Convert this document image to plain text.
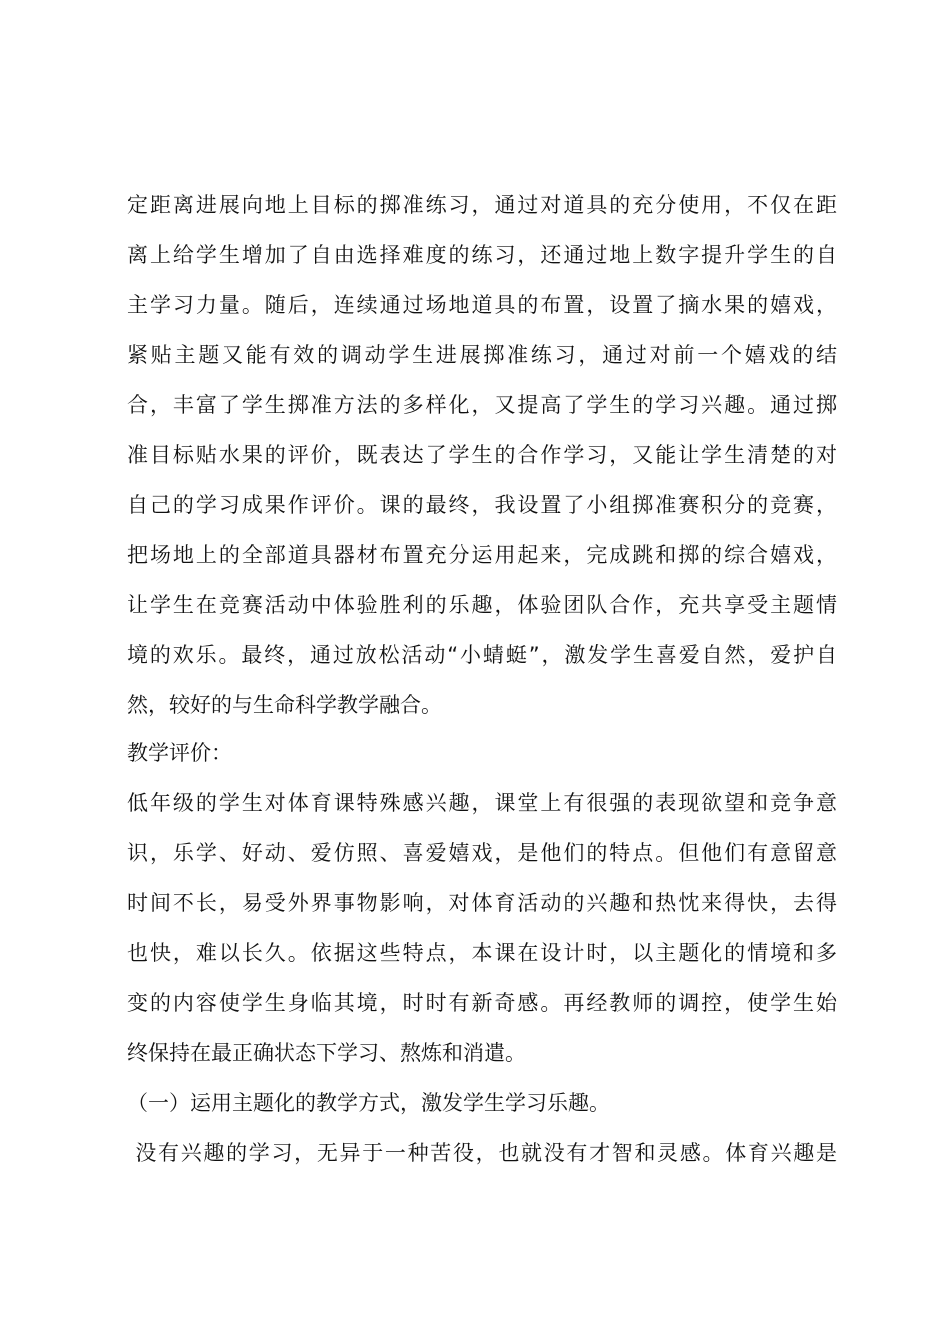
定距离进展向地上目标的掷准练习，通过对道具的充分使用，不仅在距
离上给学生增加了自由选择难度的练习，还通过地上数字提升学生的自
主学习力量。随后，连续通过场地道具的布置，设置了摘水果的嬉戏，
紧贴主题又能有效的调动学生进展掷准练习，通过对前一个嬉戏的结
合，丰富了学生掷准方法的多样化，又提高了学生的学习兴趣。通过掷
准目标贴水果的评价，既表达了学生的合作学习，又能让学生清楚的对
自己的学习成果作评价。课的最终，我设置了小组掷准赛积分的竞赛，
把场地上的全部道具器材布置充分运用起来，完成跳和掷的综合嬉戏，
让学生在竞赛活动中体验胜利的乐趣，体验团队合作，充共享受主题情
境的欢乐。最终，通过放松活动“小蜻蜓”，激发学生喜爱自然，爱护自
然，较好的与生命科学教学融合。
教学评价：
低年级的学生对体育课特殊感兴趣，课堂上有很强的表现欲望和竞争意
识，乐学、好动、爱仿照、喜爱嬉戏，是他们的特点。但他们有意留意
时间不长，易受外界事物影响，对体育活动的兴趣和热忱来得快，去得
也快，难以长久。依据这些特点，本课在设计时，以主题化的情境和多
变的内容使学生身临其境，时时有新奇感。再经教师的调控，使学生始
终保持在最正确状态下学习、熬炼和消遣。
（一）运用主题化的教学方式，激发学生学习乐趣。
没有兴趣的学习，无异于一种苦役，也就没有才智和灵感。体育兴趣是
